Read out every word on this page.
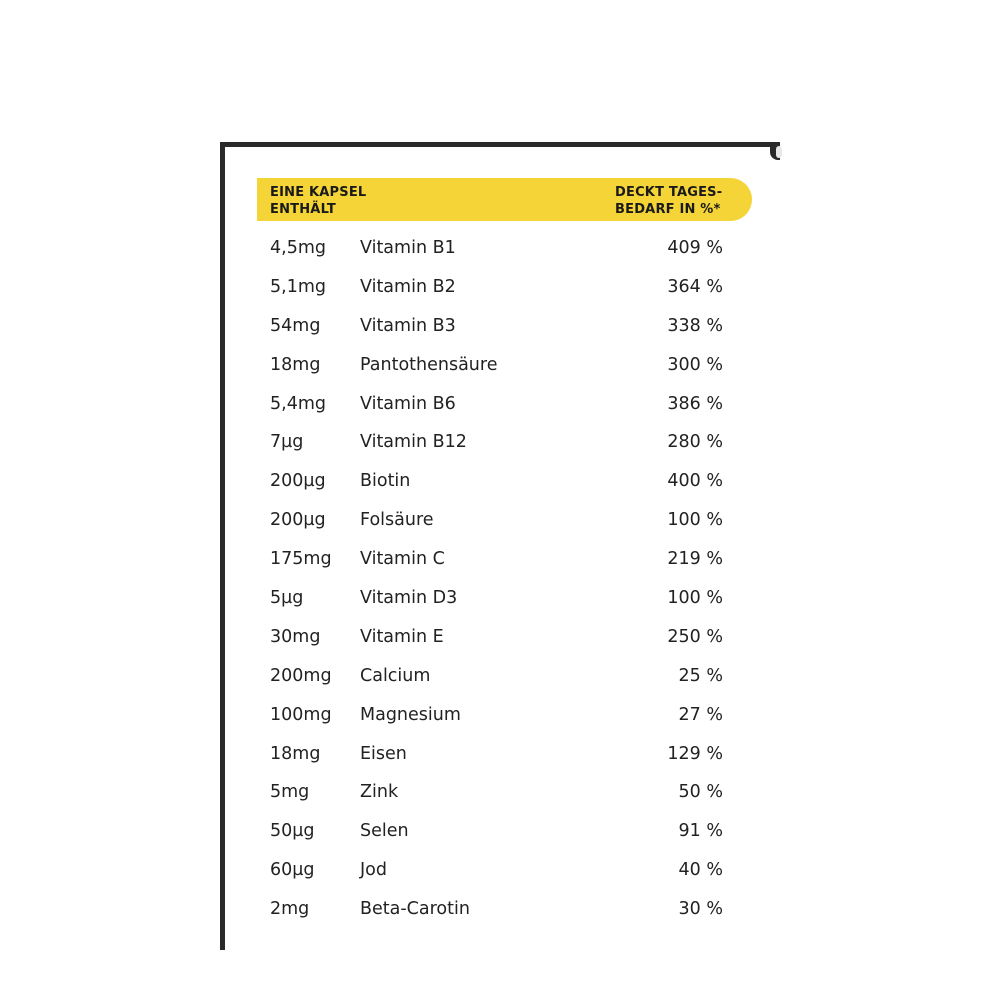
EINE KAPSEL
ENTHÄLT
DECKT TAGES-
BEDARF IN %*
4,5mg Vitamin B1	409 %
5,1mg Vitamin B2	364 %
54mg Vitamin B3	338 %
18mg Pantothensäure	300 %
5,4mg Vitamin B6	386 %
7µg	Vitamin B12	280 %
200µg Biotin	400 %
200µg Folsäure	100 %
175mg Vitamin C	219 %
5µg	Vitamin D3	100 %
30mg Vitamin E	250 %
200mg Calcium	25 %
100mg Magnesium	27 %
18mg Eisen	129 %
5mg	Zink	50 %
50µg	Selen	91 %
60µg	Jod	40 %
2mg	Beta-Carotin	30 %
